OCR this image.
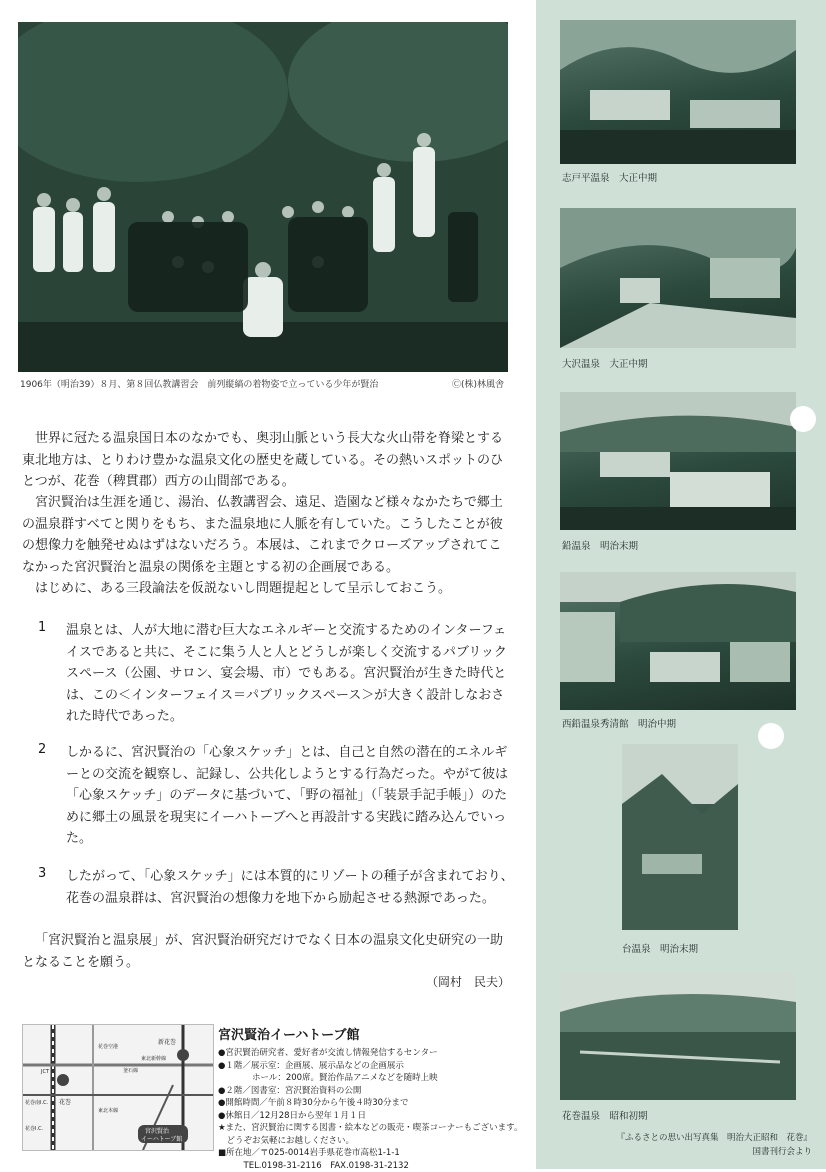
1906年（明治39）８月、第８回仏教講習会　前列縦縞の着物姿で立っている少年が賢治	Ⓒ(株)林風舎

世界に冠たる温泉国日本のなかでも、奥羽山脈という長大な火山帯を脊梁とする東北地方は、とりわけ豊かな温泉文化の歴史を蔵している。その熱いスポットのひとつが、花巻（稗貫郡）西方の山間部である。

宮沢賢治は生涯を通じ、湯治、仏教講習会、遠足、造園など様々なかたちで郷土の温泉群すべてと関りをもち、また温泉地に人脈を有していた。こうしたことが彼の想像力を触発せぬはずはないだろう。本展は、これまでクローズアップされてこなかった宮沢賢治と温泉の関係を主題とする初の企画展である。

はじめに、ある三段論法を仮説ないし問題提起として呈示しておこう。

1 温泉とは、人が大地に潜む巨大なエネルギーと交流するためのインターフェイスであると共に、そこに集う人と人とどうしが楽しく交流するパブリックスペース（公園、サロン、宴会場、市）でもある。宮沢賢治が生きた時代とは、この＜インターフェイス＝パブリックスペース＞が大きく設計しなおされた時代であった。

2 しかるに、宮沢賢治の「心象スケッチ」とは、自己と自然の潜在的エネルギーとの交流を観察し、記録し、公共化しようとする行為だった。やがて彼は「心象スケッチ」のデータに基づいて、「野の福祉」（「装景手記手帳」）のために郷土の風景を現実にイーハトーブへと再設計する実践に踏み込んでいった。

3 したがって、「心象スケッチ」には本質的にリゾートの種子が含まれており、花巻の温泉群は、宮沢賢治の想像力を地下から励起させる熱源であった。

「宮沢賢治と温泉展」が、宮沢賢治研究だけでなく日本の温泉文化史研究の一助となることを願う。

（岡村　民夫）
新花巻
宮沢賢治
イーハトーブ館
花巻
花巻I.C.
花巻空港
釜石線
東北本線
東北新幹線
JCT
花巻南I.C.

宮沢賢治イーハトーブ館

●宮沢賢治研究者、愛好者が交流し情報発信するセンター

●１階／展示室：企画展、展示品などの企画展示

　　　　ホール：200席。賢治作品アニメなどを随時上映

●２階／図書室：宮沢賢治資料の公開

●開館時間／午前８時30分から午後４時30分まで

●休館日／12月28日から翌年１月１日

★また、宮沢賢治に関する図書・絵本などの販売・喫茶コーナーもございます。

　どうぞお気軽にお越しください。

■所在地／〒025-0014岩手県花巻市高松1-1-1

　　　TEL.0198-31-2116　FAX.0198-31-2132

志戸平温泉　大正中期
大沢温泉　大正中期
鉛温泉　明治末期
西鉛温泉秀清館　明治中期
台温泉　明治末期
花巻温泉　昭和初期

『ふるさとの思い出写真集　明治大正昭和　花巻』

国書刊行会より
